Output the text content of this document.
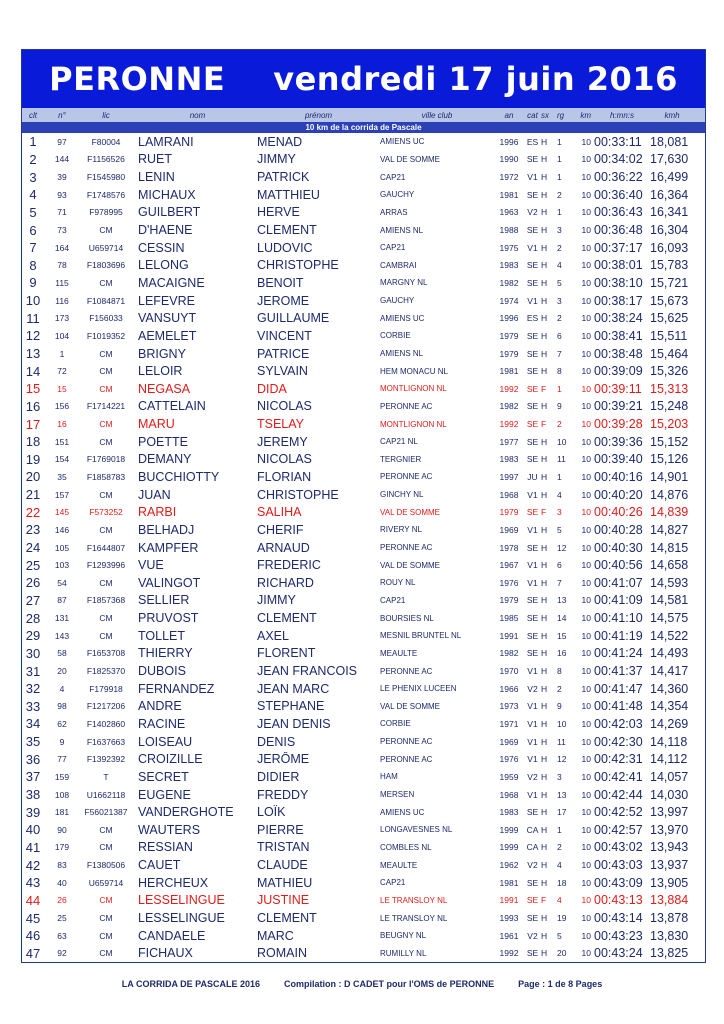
PERONNE vendredi 17 juin 2016
clt	n°	lic	nom	prénom	ville club	an	cat sx	rg	km	h:mn:s	kmh
10 km de la corrida de Pascale
1	97	F80004	LAMRANI	MENAD	AMIENS UC	1996 ES H	1	10 00:33:11 18,081
2	144	F1156526	RUET	JIMMY	VAL DE SOMME	1990 SE H	1	10 00:34:02 17,630
3	39	F1545980	LENIN	PATRICK	CAP21	1972	V1 H	1	10 00:36:22 16,499
4	93	F1748576	MICHAUX	MATTHIEU	GAUCHY	1981 SE H	2	10 00:36:40 16,364
5	71	F978995	GUILBERT	HERVE	ARRAS	1963	V2 H	1	10 00:36:43 16,341
6	73	CM	D'HAENE	CLEMENT	AMIENS NL	1988 SE H	3	10 00:36:48 16,304
7	164	U659714	CESSIN	LUDOVIC	CAP21	1975	V1 H	2	10 00:37:17 16,093
8	78	F1803696	LELONG	CHRISTOPHE	CAMBRAI	1983 SE H	4	10 00:38:01 15,783
9	115	CM	MACAIGNE	BENOIT	MARGNY NL	1982 SE H	5	10 00:38:10 15,721
10	116	F1084871	LEFEVRE	JEROME	GAUCHY	1974	V1 H	3	10 00:38:17 15,673
11	173	F156033	VANSUYT	GUILLAUME	AMIENS UC	1996 ES H	2	10 00:38:24 15,625
12	104	F1019352	AEMELET	VINCENT	CORBIE	1979 SE H	6	10 00:38:41 15,511
13	1	CM	BRIGNY	PATRICE	AMIENS NL	1979 SE H	7	10 00:38:48 15,464
14	72	CM	LELOIR	SYLVAIN	HEM MONACU NL	1981 SE H	8	10 00:39:09 15,326
15	15	CM	NEGASA	DIDA	MONTLIGNON NL	1992 SE F	1	10 00:39:11 15,313
16	156	F1714221	CATTELAIN	NICOLAS	PERONNE AC	1982 SE H	9	10 00:39:21 15,248
17	16	CM	MARU	TSELAY	MONTLIGNON NL	1992 SE F	2	10 00:39:28 15,203
18	151	CM	POETTE	JEREMY	CAP21 NL	1977 SE H	10	10 00:39:36 15,152
19	154	F1769018	DEMANY	NICOLAS	TERGNIER	1983 SE H	11	10 00:39:40 15,126
20	35	F1858783	BUCCHIOTTY	FLORIAN	PERONNE AC	1997	JU H	1	10 00:40:16 14,901
21	157	CM	JUAN	CHRISTOPHE	GINCHY NL	1968	V1 H	4	10 00:40:20 14,876
22	145	F573252	RARBI	SALIHA	VAL DE SOMME	1979 SE F	3	10 00:40:26 14,839
23	146	CM	BELHADJ	CHERIF	RIVERY NL	1969	V1 H	5	10 00:40:28 14,827
24	105	F1644807	KAMPFER	ARNAUD	PERONNE AC	1978 SE H	12	10 00:40:30 14,815
25	103	F1293996	VUE	FREDERIC	VAL DE SOMME	1967	V1 H	6	10 00:40:56 14,658
26	54	CM	VALINGOT	RICHARD	ROUY NL	1976	V1 H	7	10 00:41:07 14,593
27	87	F1857368	SELLIER	JIMMY	CAP21	1979 SE H	13	10 00:41:09 14,581
28	131	CM	PRUVOST	CLEMENT	BOURSIES NL	1985 SE H	14	10 00:41:10 14,575
29	143	CM	TOLLET	AXEL	MESNIL BRUNTEL NL	1991 SE H	15	10 00:41:19 14,522
30	58	F1653708	THIERRY	FLORENT	MEAULTE	1982 SE H	16	10 00:41:24 14,493
31	20	F1825370	DUBOIS	JEAN FRANCOIS	PERONNE AC	1970	V1 H	8	10 00:41:37 14,417
32	4	F179918	FERNANDEZ	JEAN MARC	LE PHENIX LUCEEN	1966	V2 H	2	10 00:41:47 14,360
33	98	F1217206	ANDRE	STEPHANE	VAL DE SOMME	1973	V1 H	9	10 00:41:48 14,354
34	62	F1402860	RACINE	JEAN DENIS	CORBIE	1971	V1 H	10	10 00:42:03 14,269
35	9	F1637663	LOISEAU	DENIS	PERONNE AC	1969	V1 H	11	10 00:42:30 14,118
36	77	F1392392	CROIZILLE	JERÔME	PERONNE AC	1976	V1 H	12	10 00:42:31 14,112
37	159	T	SECRET	DIDIER	HAM	1959	V2 H	3	10 00:42:41 14,057
38	108	U1662118	EUGENE	FREDDY	MERSEN	1968	V1 H	13	10 00:42:44 14,030
39	181	F56021387 VANDERGHOTE	LOÏK	AMIENS UC	1983 SE H	17	10 00:42:52 13,997
40	90	CM	WAUTERS	PIERRE	LONGAVESNES NL	1999 CA H	1	10 00:42:57 13,970
41	179	CM	RESSIAN	TRISTAN	COMBLES NL	1999 CA H	2	10 00:43:02 13,943
42	83	F1380506	CAUET	CLAUDE	MEAULTE	1962	V2 H	4	10 00:43:03 13,937
43	40	U659714	HERCHEUX	MATHIEU	CAP21	1981 SE H	18	10 00:43:09 13,905
44	26	CM	LESSELINGUE	JUSTINE	LE TRANSLOY NL	1991 SE F	4	10 00:43:13 13,884
45	25	CM	LESSELINGUE	CLEMENT	LE TRANSLOY NL	1993 SE H	19	10 00:43:14 13,878
46	63	CM	CANDAELE	MARC	BEUGNY NL	1961	V2 H	5	10 00:43:23 13,830
47	92	CM	FICHAUX	ROMAIN	RUMILLY NL	1992 SE H	20	10 00:43:24 13,825
LA CORRIDA DE PASCALE 2016	Compilation : D CADET pour l'OMS de PERONNE	Page : 1 de 8 Pages
